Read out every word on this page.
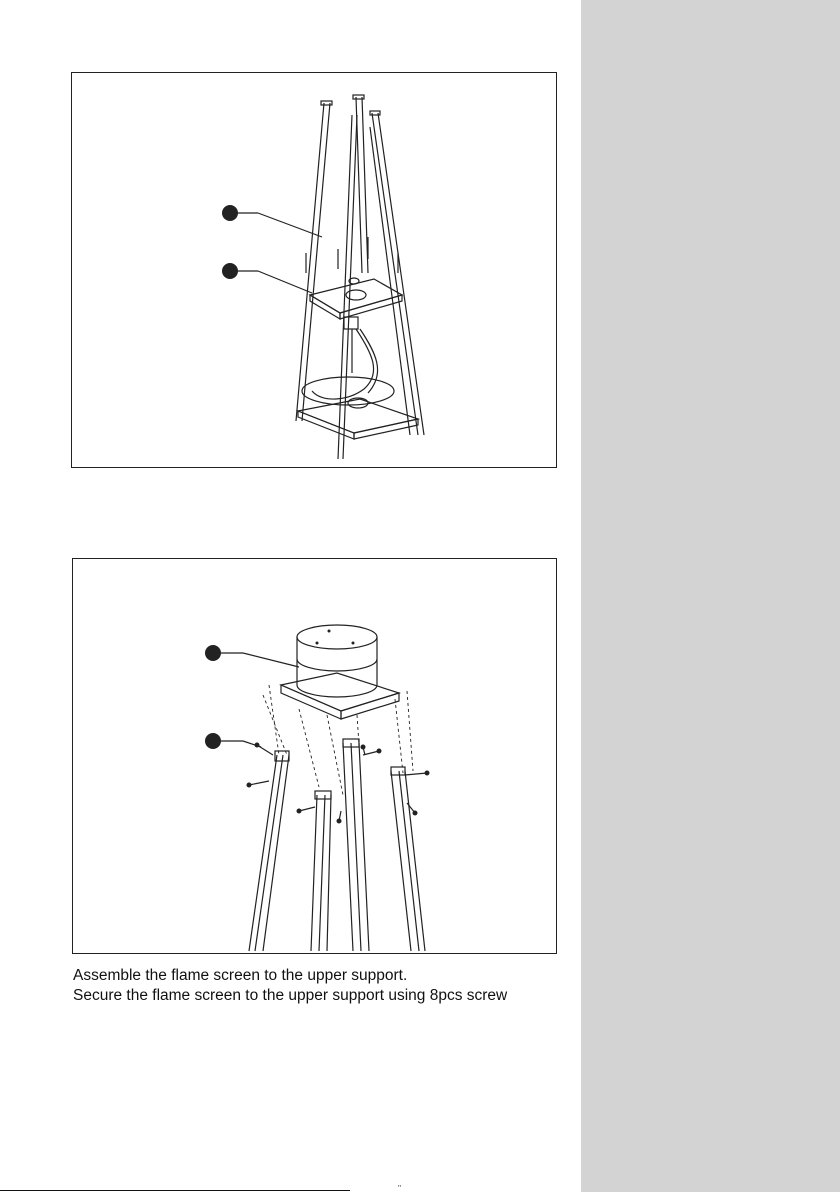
Assemble the flame screen to the upper support.
Secure the flame screen to the upper support using 8pcs screw
''
